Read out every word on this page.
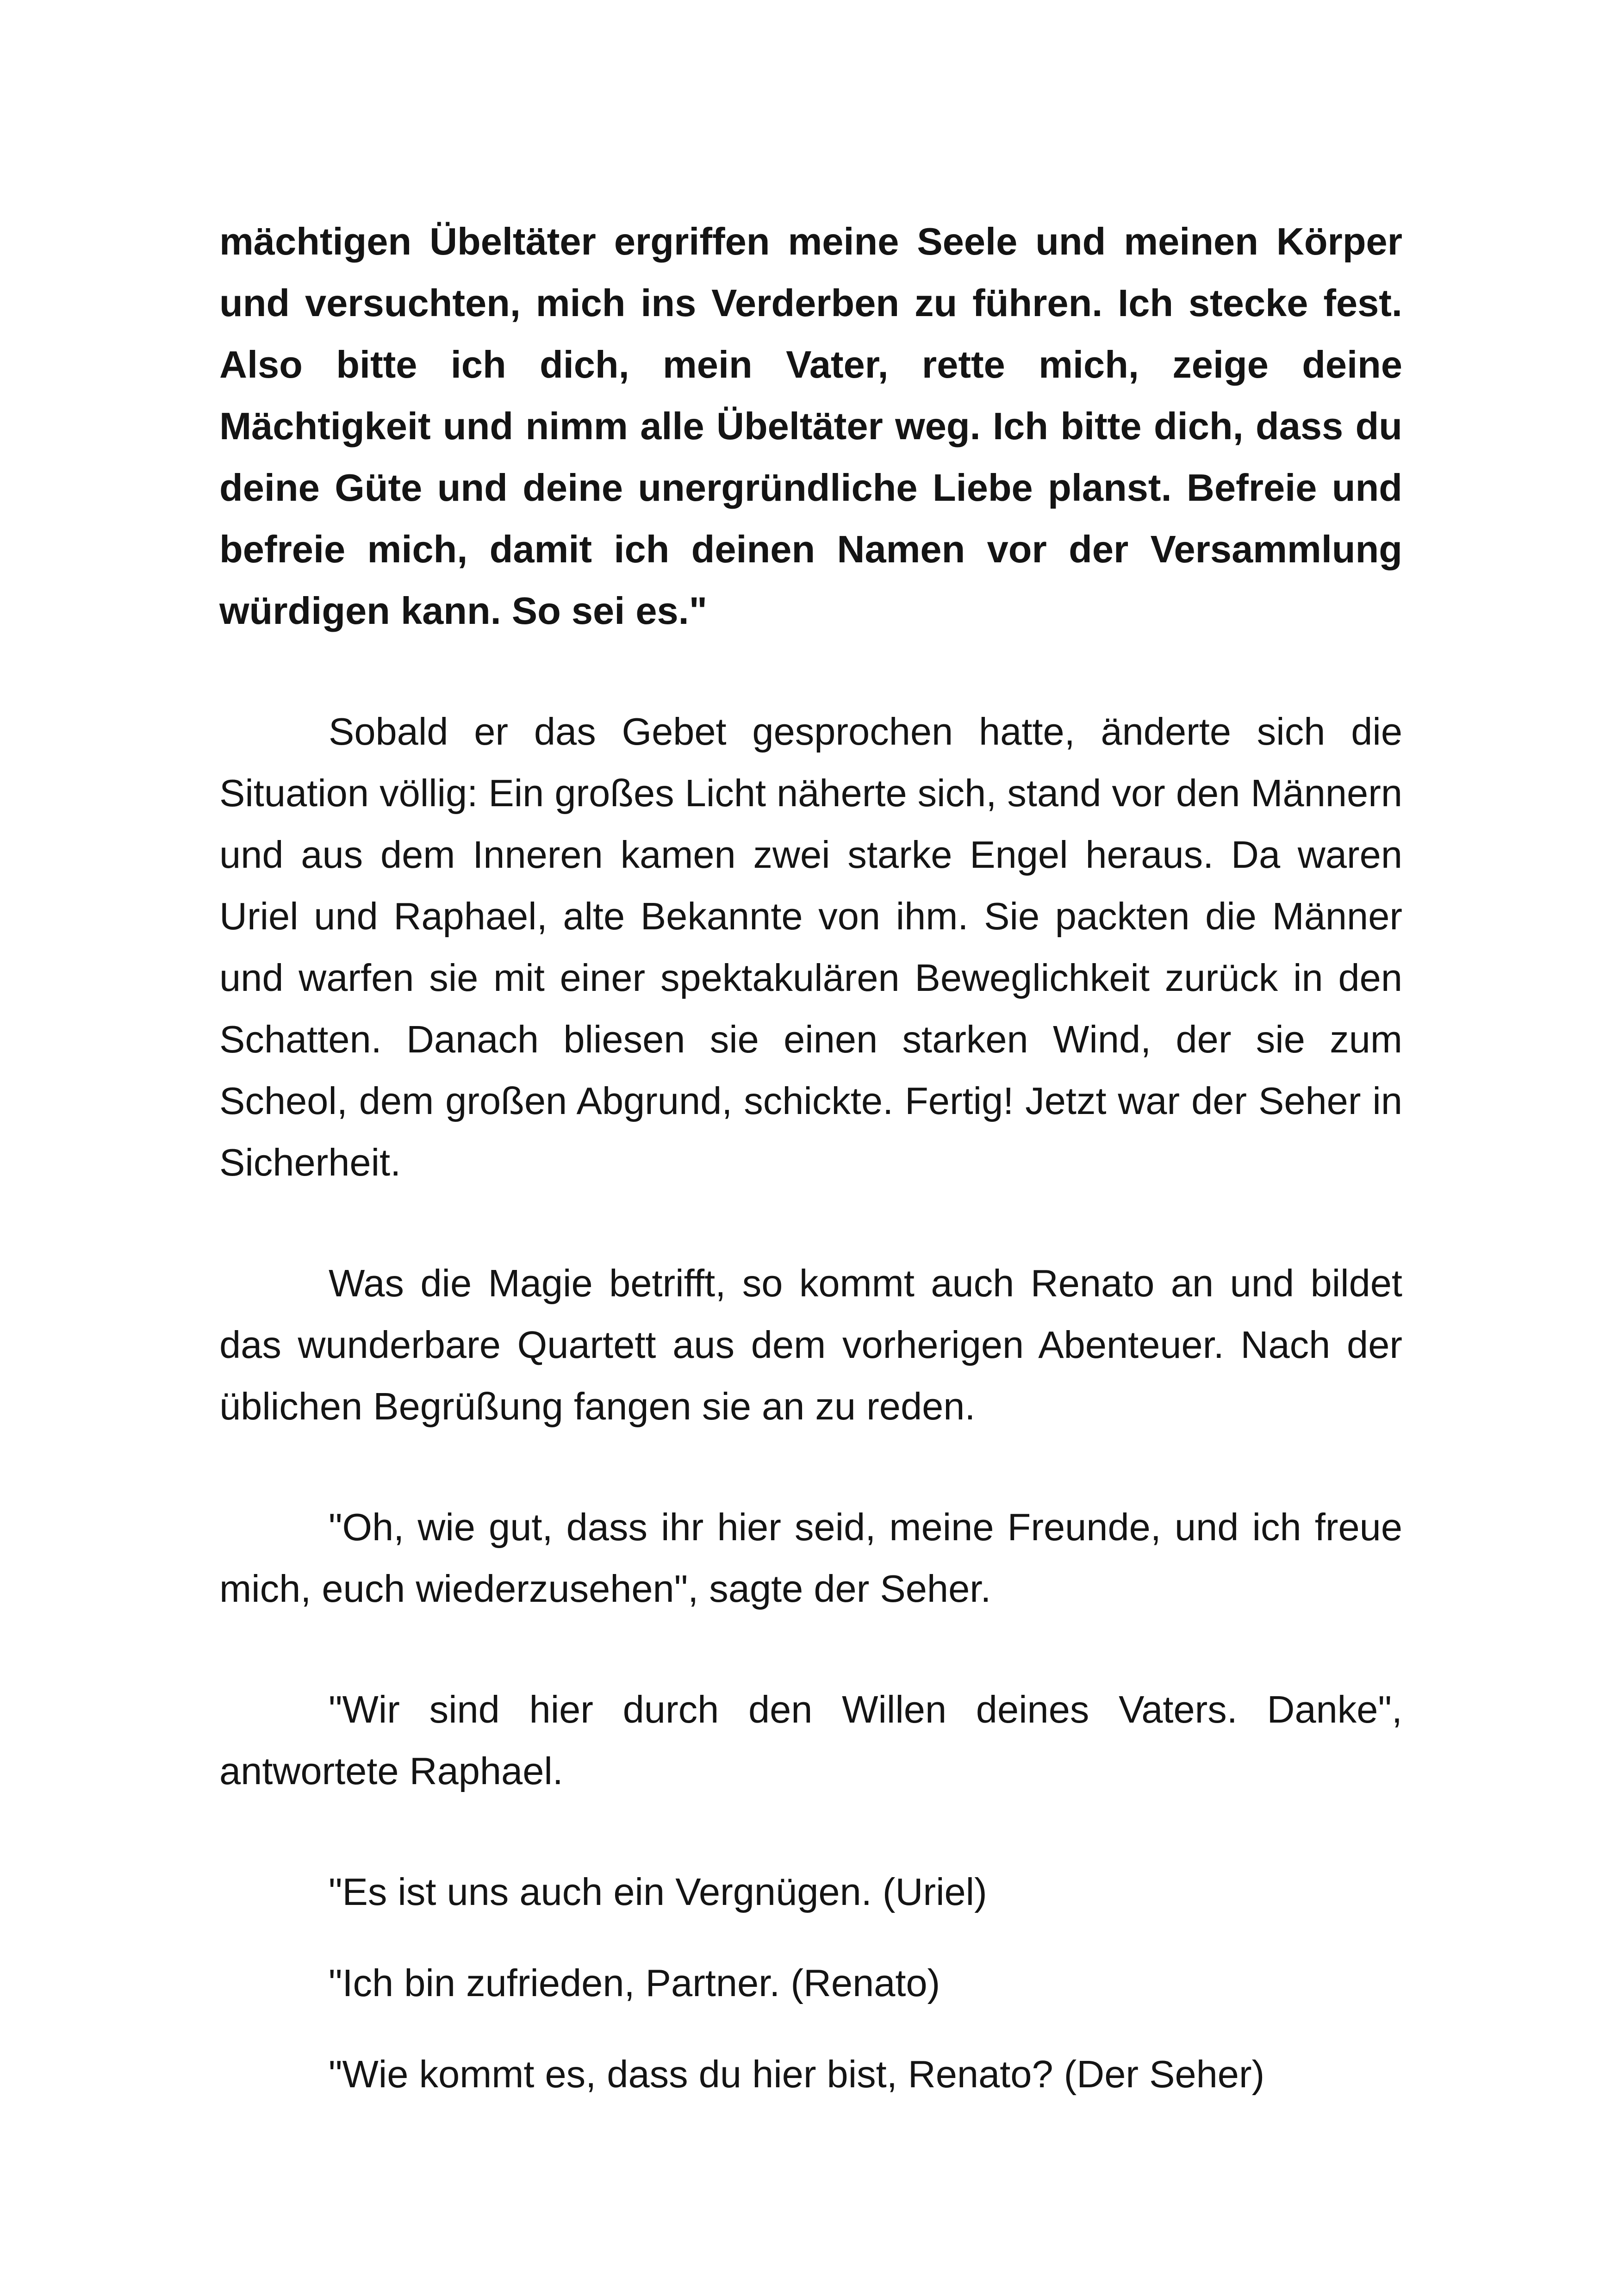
mächtigen Übeltäter ergriffen meine Seele und meinen Körper und versuchten, mich ins Verderben zu führen. Ich stecke fest. Also bitte ich dich, mein Vater, rette mich, zeige deine Mächtigkeit und nimm alle Übeltäter weg. Ich bitte dich, dass du deine Güte und deine unergründliche Liebe planst. Befreie und befreie mich, damit ich deinen Namen vor der Versammlung würdigen kann. So sei es."

Sobald er das Gebet gesprochen hatte, änderte sich die Situation völlig: Ein großes Licht näherte sich, stand vor den Männern und aus dem Inneren kamen zwei starke Engel heraus. Da waren Uriel und Raphael, alte Bekannte von ihm. Sie packten die Männer und warfen sie mit einer spektakulären Beweglichkeit zurück in den Schatten. Danach bliesen sie einen starken Wind, der sie zum Scheol, dem großen Abgrund, schickte. Fertig! Jetzt war der Seher in Sicherheit.

Was die Magie betrifft, so kommt auch Renato an und bildet das wunderbare Quartett aus dem vorherigen Abenteuer. Nach der üblichen Begrüßung fangen sie an zu reden.

"Oh, wie gut, dass ihr hier seid, meine Freunde, und ich freue mich, euch wiederzusehen", sagte der Seher.

"Wir sind hier durch den Willen deines Vaters. Danke", antwortete Raphael.

"Es ist uns auch ein Vergnügen. (Uriel)

"Ich bin zufrieden, Partner. (Renato)

"Wie kommt es, dass du hier bist, Renato? (Der Seher)
